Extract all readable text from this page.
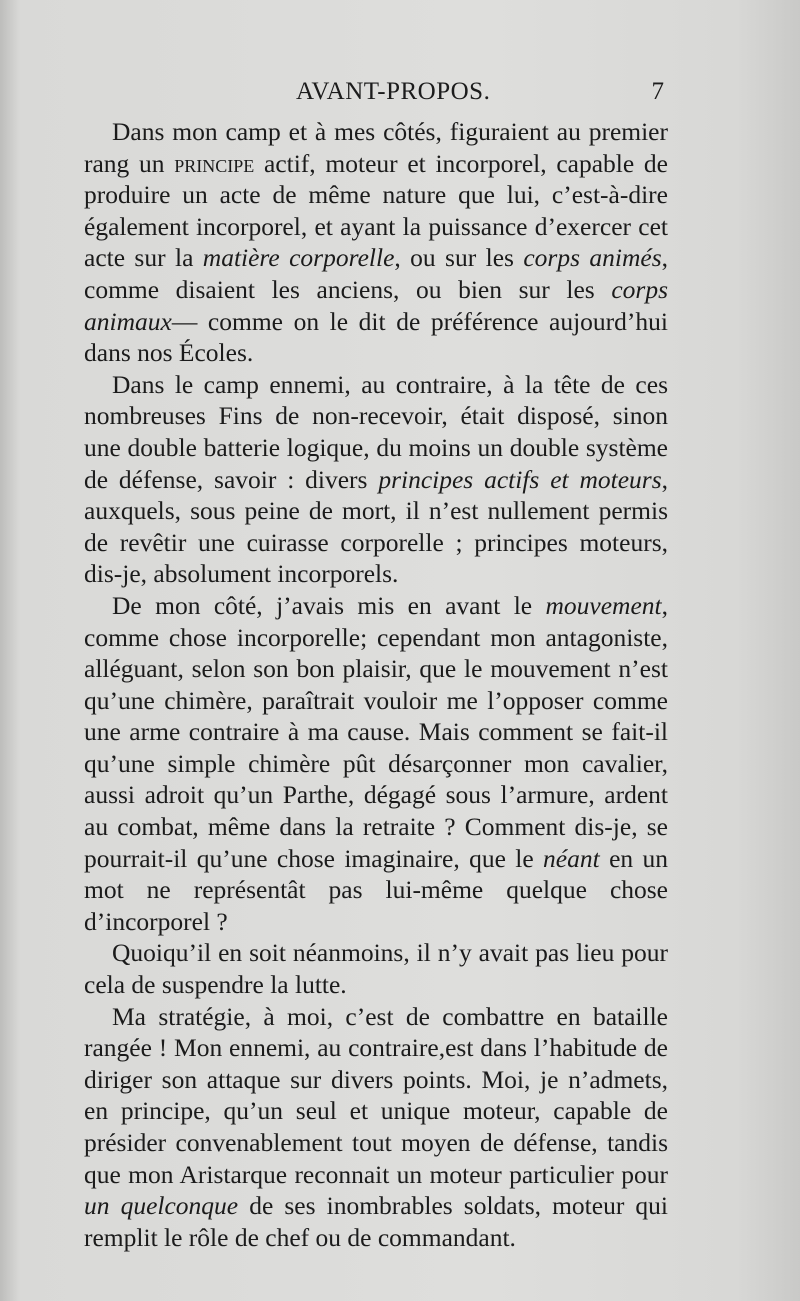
AVANT-PROPOS.	7

Dans mon camp et à mes côtés, figuraient au premier rang un principe actif, moteur et incorporel, capable de produire un acte de même nature que lui, c’est-à-dire également incorporel, et ayant la puissance d’exercer cet acte sur la matière corporelle, ou sur les corps animés, comme disaient les anciens, ou bien sur les corps animaux— comme on le dit de préférence aujourd’hui dans nos Écoles.

Dans le camp ennemi, au contraire, à la tête de ces nombreuses Fins de non-recevoir, était disposé, sinon une double batterie logique, du moins un double système de défense, savoir : divers principes actifs et moteurs, auxquels, sous peine de mort, il n’est nullement permis de revêtir une cuirasse corporelle ; principes moteurs, dis-je, absolument incorporels.

De mon côté, j’avais mis en avant le mouvement, comme chose incorporelle; cependant mon antagoniste, alléguant, selon son bon plaisir, que le mouvement n’est qu’une chimère, paraîtrait vouloir me l’opposer comme une arme contraire à ma cause. Mais comment se fait-il qu’une simple chimère pût désarçonner mon cavalier, aussi adroit qu’un Parthe, dégagé sous l’armure, ardent au combat, même dans la retraite ? Comment dis-je, se pourrait-il qu’une chose imaginaire, que le néant en un mot ne représentât pas lui-même quelque chose d’incorporel ?

Quoiqu’il en soit néanmoins, il n’y avait pas lieu pour cela de suspendre la lutte.

Ma stratégie, à moi, c’est de combattre en bataille rangée ! Mon ennemi, au contraire,est dans l’habitude de diriger son attaque sur divers points. Moi, je n’admets, en principe, qu’un seul et unique moteur, capable de présider convenablement tout moyen de défense, tandis que mon Aristarque reconnait un moteur particulier pour un quelconque de ses inombrables soldats, moteur qui remplit le rôle de chef ou de commandant.
